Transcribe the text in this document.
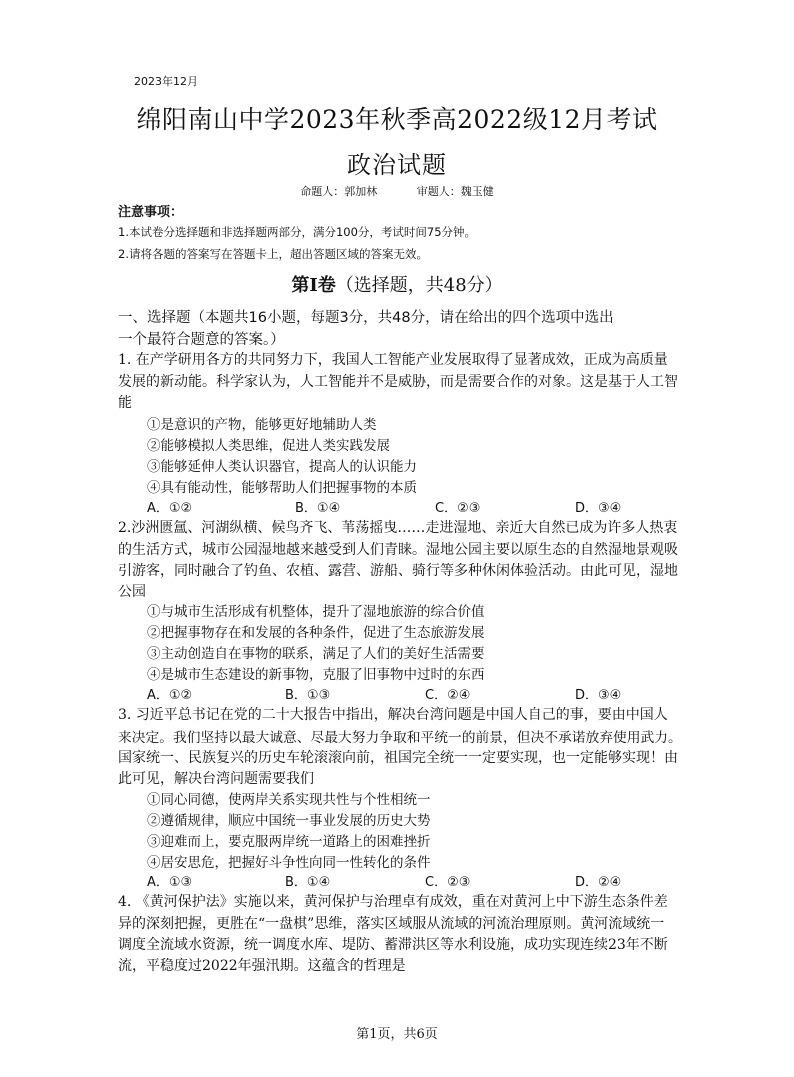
2023年12月
绵阳南山中学2023年秋季高2022级12月考试
政治试题
命题人：郭加林	审题人：魏玉健
注意事项：
1.本试卷分选择题和非选择题两部分，满分100分，考试时间75分钟。
2.请将各题的答案写在答题卡上，超出答题区域的答案无效。
第Ⅰ卷（选择题，共48分）
一、选择题（本题共16小题，每题3分，共48分，请在给出的四个选项中选出
一个最符合题意的答案。）
1. 在产学研用各方的共同努力下，我国人工智能产业发展取得了显著成效，正成为高质量
发展的新动能。科学家认为，人工智能并不是威胁，而是需要合作的对象。这是基于人工智
能
①是意识的产物，能够更好地辅助人类
②能够模拟人类思维，促进人类实践发展
③能够延伸人类认识器官，提高人的认识能力
④具有能动性，能够帮助人们把握事物的本质
A．①②	B．①④	C．②③	D．③④
2.沙洲匮氲、河湖纵横、候鸟齐飞、苇荡摇曳……走进湿地、亲近大自然已成为许多人热衷
的生活方式，城市公园湿地越来越受到人们青睐。湿地公园主要以原生态的自然湿地景观吸
引游客，同时融合了钓鱼、农植、露营、游船、骑行等多种休闲体验活动。由此可见，湿地
公园
①与城市生活形成有机整体，提升了湿地旅游的综合价值
②把握事物存在和发展的各种条件，促进了生态旅游发展
③主动创造自在事物的联系，满足了人们的美好生活需要
④是城市生态建设的新事物，克服了旧事物中过时的东西
A．①②	B．①③	C．②④	D．③④
3. 习近平总书记在党的二十大报告中指出，解决台湾问题是中国人自己的事，要由中国人
来决定。我们坚持以最大诚意、尽最大努力争取和平统一的前景，但决不承诺放弃使用武力。
国家统一、民族复兴的历史车轮滚滚向前，祖国完全统一一定要实现，也一定能够实现！由
此可见，解决台湾问题需要我们
①同心同德，使两岸关系实现共性与个性相统一
②遵循规律，顺应中国统一事业发展的历史大势
③迎难而上，要克服两岸统一道路上的困难挫折
④居安思危，把握好斗争性向同一性转化的条件
A．①③	B．①④	C．②③	D．②④
4. 《黄河保护法》实施以来，黄河保护与治理卓有成效，重在对黄河上中下游生态条件差
异的深刻把握，更胜在“一盘棋”思维，落实区域服从流域的河流治理原则。黄河流域统一
调度全流域水资源，统一调度水库、堤防、蓄滞洪区等水利设施，成功实现连续23年不断
流，平稳度过2022年强汛期。这蕴含的哲理是
第1页，共6页
